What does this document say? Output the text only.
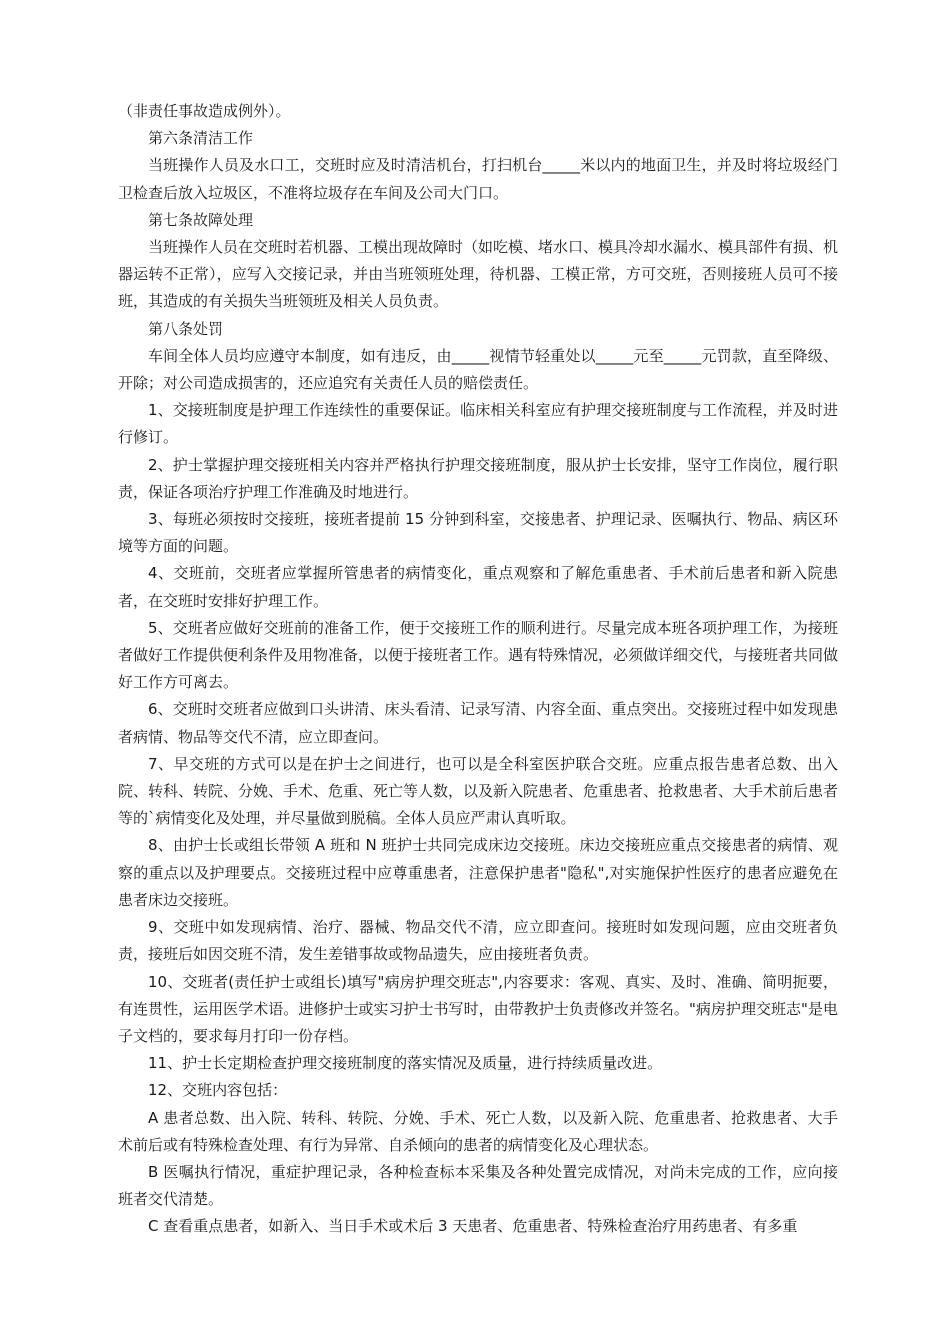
（非责任事故造成例外）。

第六条清洁工作

当班操作人员及水口工，交班时应及时清洁机台，打扫机台_____米以内的地面卫生，并及时将垃圾经门卫检查后放入垃圾区，不准将垃圾存在车间及公司大门口。

第七条故障处理

当班操作人员在交班时若机器、工模出现故障时（如吃模、堵水口、模具冷却水漏水、模具部件有损、机器运转不正常），应写入交接记录，并由当班领班处理，待机器、工模正常，方可交班，否则接班人员可不接班，其造成的有关损失当班领班及相关人员负责。

第八条处罚

车间全体人员均应遵守本制度，如有违反，由_____视情节轻重处以_____元至_____元罚款，直至降级、开除；对公司造成损害的，还应追究有关责任人员的赔偿责任。

1、交接班制度是护理工作连续性的重要保证。临床相关科室应有护理交接班制度与工作流程，并及时进行修订。

2、护士掌握护理交接班相关内容并严格执行护理交接班制度，服从护士长安排，坚守工作岗位，履行职责，保证各项治疗护理工作准确及时地进行。

3、每班必须按时交接班，接班者提前 15 分钟到科室，交接患者、护理记录、医嘱执行、物品、病区环境等方面的问题。

4、交班前，交班者应掌握所管患者的病情变化，重点观察和了解危重患者、手术前后患者和新入院患者，在交班时安排好护理工作。

5、交班者应做好交班前的准备工作，便于交接班工作的顺利进行。尽量完成本班各项护理工作，为接班者做好工作提供便利条件及用物准备，以便于接班者工作。遇有特殊情况，必须做详细交代，与接班者共同做好工作方可离去。

6、交班时交班者应做到口头讲清、床头看清、记录写清、内容全面、重点突出。交接班过程中如发现患者病情、物品等交代不清，应立即查问。

7、早交班的方式可以是在护士之间进行，也可以是全科室医护联合交班。应重点报告患者总数、出入院、转科、转院、分娩、手术、危重、死亡等人数，以及新入院患者、危重患者、抢救患者、大手术前后患者等的`病情变化及处理，并尽量做到脱稿。全体人员应严肃认真听取。

8、由护士长或组长带领 A 班和 N 班护士共同完成床边交接班。床边交接班应重点交接患者的病情、观察的重点以及护理要点。交接班过程中应尊重患者，注意保护患者"隐私",对实施保护性医疗的患者应避免在患者床边交接班。

9、交班中如发现病情、治疗、器械、物品交代不清，应立即查问。接班时如发现问题，应由交班者负责，接班后如因交班不清，发生差错事故或物品遗失，应由接班者负责。

10、交班者(责任护士或组长)填写"病房护理交班志",内容要求：客观、真实、及时、准确、简明扼要，有连贯性，运用医学术语。进修护士或实习护士书写时，由带教护士负责修改并签名。"病房护理交班志"是电子文档的，要求每月打印一份存档。

11、护士长定期检查护理交接班制度的落实情况及质量，进行持续质量改进。

12、交班内容包括：

A 患者总数、出入院、转科、转院、分娩、手术、死亡人数，以及新入院、危重患者、抢救患者、大手术前后或有特殊检查处理、有行为异常、自杀倾向的患者的病情变化及心理状态。

B 医嘱执行情况，重症护理记录，各种检查标本采集及各种处置完成情况，对尚未完成的工作，应向接班者交代清楚。

C 查看重点患者，如新入、当日手术或术后 3 天患者、危重患者、特殊检查治疗用药患者、有多重
